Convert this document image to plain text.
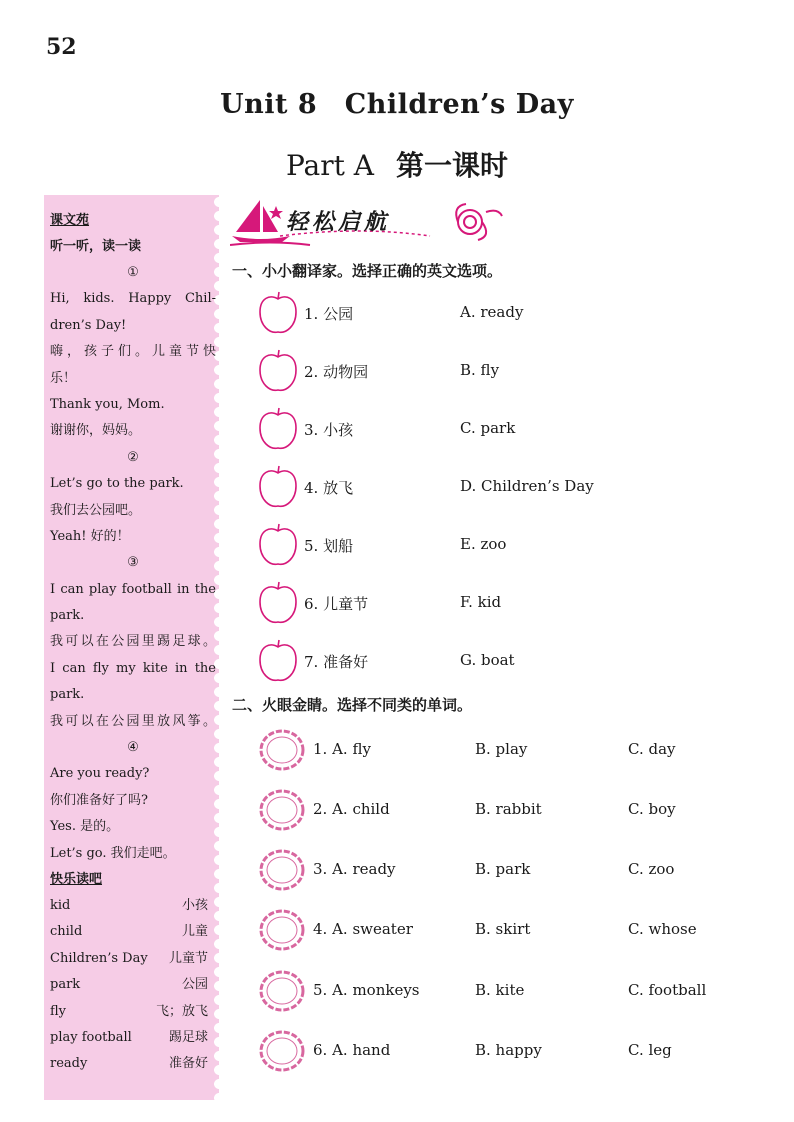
52
Unit 8　Children’s Day
Part A 第一课时
课文苑
听一听，读一读
①
Hi, kids. Happy Chil-
dren’s Day!
嗨，孩子们。儿童节快
乐！
Thank you, Mom.
谢谢你，妈妈。
②
Let’s go to the park.
我们去公园吧。
Yeah! 好的！
③
I can play football in the
park.
我可以在公园里踢足球。
I can fly my kite in the
park.
我可以在公园里放风筝。
④
Are you ready?
你们准备好了吗?
Yes. 是的。
Let’s go. 我们走吧。
快乐读吧
kid	小孩
child	儿童
Children’s Day 儿童节
park	公园
fly	飞；放飞
play football	踢足球
ready	准备好
轻松启航
一、小小翻译家。选择正确的英文选项。
1. 公园	A. ready
2. 动物园	B. fly
3. 小孩	C. park
4. 放飞	D. Children’s Day
5. 划船	E. zoo
6. 儿童节	F. kid
7. 准备好	G. boat
二、火眼金睛。选择不同类的单词。
1. A. fly	B. play	C. day
2. A. child	B. rabbit	C. boy
3. A. ready	B. park	C. zoo
4. A. sweater	B. skirt	C. whose
5. A. monkeys	B. kite	C. football
6. A. hand	B. happy	C. leg
